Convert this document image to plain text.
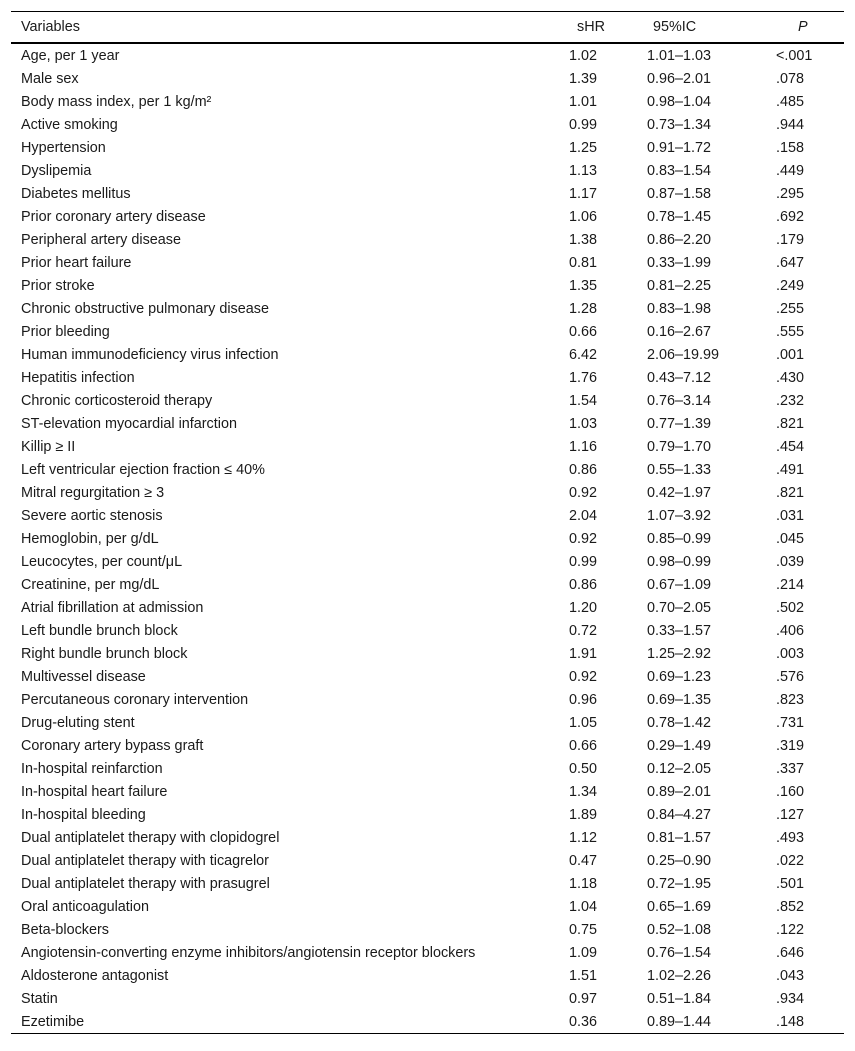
Variables	sHR	95%IC	P
Age, per 1 year	1.02	1.01–1.03	<.001
Male sex	1.39	0.96–2.01	.078
Body mass index, per 1 kg/m²	1.01	0.98–1.04	.485
Active smoking	0.99	0.73–1.34	.944
Hypertension	1.25	0.91–1.72	.158
Dyslipemia	1.13	0.83–1.54	.449
Diabetes mellitus	1.17	0.87–1.58	.295
Prior coronary artery disease	1.06	0.78–1.45	.692
Peripheral artery disease	1.38	0.86–2.20	.179
Prior heart failure	0.81	0.33–1.99	.647
Prior stroke	1.35	0.81–2.25	.249
Chronic obstructive pulmonary disease	1.28	0.83–1.98	.255
Prior bleeding	0.66	0.16–2.67	.555
Human immunodeficiency virus infection	6.42	2.06–19.99	.001
Hepatitis infection	1.76	0.43–7.12	.430
Chronic corticosteroid therapy	1.54	0.76–3.14	.232
ST-elevation myocardial infarction	1.03	0.77–1.39	.821
Killip ≥ II	1.16	0.79–1.70	.454
Left ventricular ejection fraction ≤ 40%	0.86	0.55–1.33	.491
Mitral regurgitation ≥ 3	0.92	0.42–1.97	.821
Severe aortic stenosis	2.04	1.07–3.92	.031
Hemoglobin, per g/dL	0.92	0.85–0.99	.045
Leucocytes, per count/μL	0.99	0.98–0.99	.039
Creatinine, per mg/dL	0.86	0.67–1.09	.214
Atrial fibrillation at admission	1.20	0.70–2.05	.502
Left bundle brunch block	0.72	0.33–1.57	.406
Right bundle brunch block	1.91	1.25–2.92	.003
Multivessel disease	0.92	0.69–1.23	.576
Percutaneous coronary intervention	0.96	0.69–1.35	.823
Drug-eluting stent	1.05	0.78–1.42	.731
Coronary artery bypass graft	0.66	0.29–1.49	.319
In-hospital reinfarction	0.50	0.12–2.05	.337
In-hospital heart failure	1.34	0.89–2.01	.160
In-hospital bleeding	1.89	0.84–4.27	.127
Dual antiplatelet therapy with clopidogrel	1.12	0.81–1.57	.493
Dual antiplatelet therapy with ticagrelor	0.47	0.25–0.90	.022
Dual antiplatelet therapy with prasugrel	1.18	0.72–1.95	.501
Oral anticoagulation	1.04	0.65–1.69	.852
Beta-blockers	0.75	0.52–1.08	.122
Angiotensin-converting enzyme inhibitors/angiotensin receptor blockers	1.09	0.76–1.54	.646
Aldosterone antagonist	1.51	1.02–2.26	.043
Statin	0.97	0.51–1.84	.934
Ezetimibe	0.36	0.89–1.44	.148
